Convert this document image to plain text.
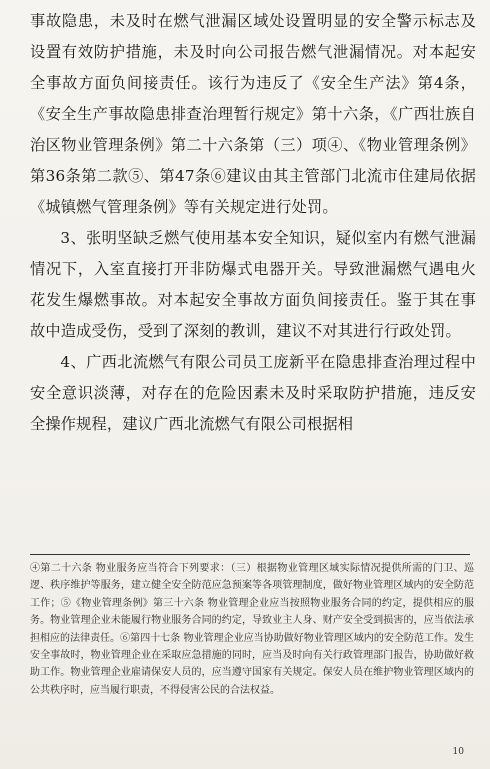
事故隐患，未及时在燃气泄漏区域处设置明显的安全警示标志及设置有效防护措施，未及时向公司报告燃气泄漏情况。对本起安全事故方面负间接责任。该行为违反了《安全生产法》第4条，《安全生产事故隐患排查治理暂行规定》第十六条，《广西壮族自治区物业管理条例》第二十六条第（三）项④、《物业管理条例》第36条第二款⑤、第47条⑥建议由其主管部门北流市住建局依据《城镇燃气管理条例》等有关规定进行处罚。

3、张明坚缺乏燃气使用基本安全知识，疑似室内有燃气泄漏情况下，入室直接打开非防爆式电器开关。导致泄漏燃气遇电火花发生爆燃事故。对本起安全事故方面负间接责任。鉴于其在事故中造成受伤，受到了深刻的教训，建议不对其进行行政处罚。

4、广西北流燃气有限公司员工庞新平在隐患排查治理过程中安全意识淡薄，对存在的危险因素未及时采取防护措施，违反安全操作规程，建议广西北流燃气有限公司根据相

④第二十六条 物业服务应当符合下列要求：（三）根据物业管理区域实际情况提供所需的门卫、巡逻、秩序维护等服务，建立健全安全防范应急预案等各项管理制度，做好物业管理区域内的安全防范工作；⑤《物业管理条例》第三十六条 物业管理企业应当按照物业服务合同的约定，提供相应的服务。物业管理企业未能履行物业服务合同的约定，导致业主人身、财产安全受到损害的，应当依法承担相应的法律责任。⑥第四十七条 物业管理企业应当协助做好物业管理区域内的安全防范工作。发生安全事故时，物业管理企业在采取应急措施的同时，应当及时向有关行政管理部门报告，协助做好救助工作。物业管理企业雇请保安人员的，应当遵守国家有关规定。保安人员在维护物业管理区域内的公共秩序时，应当履行职责，不得侵害公民的合法权益。

10
